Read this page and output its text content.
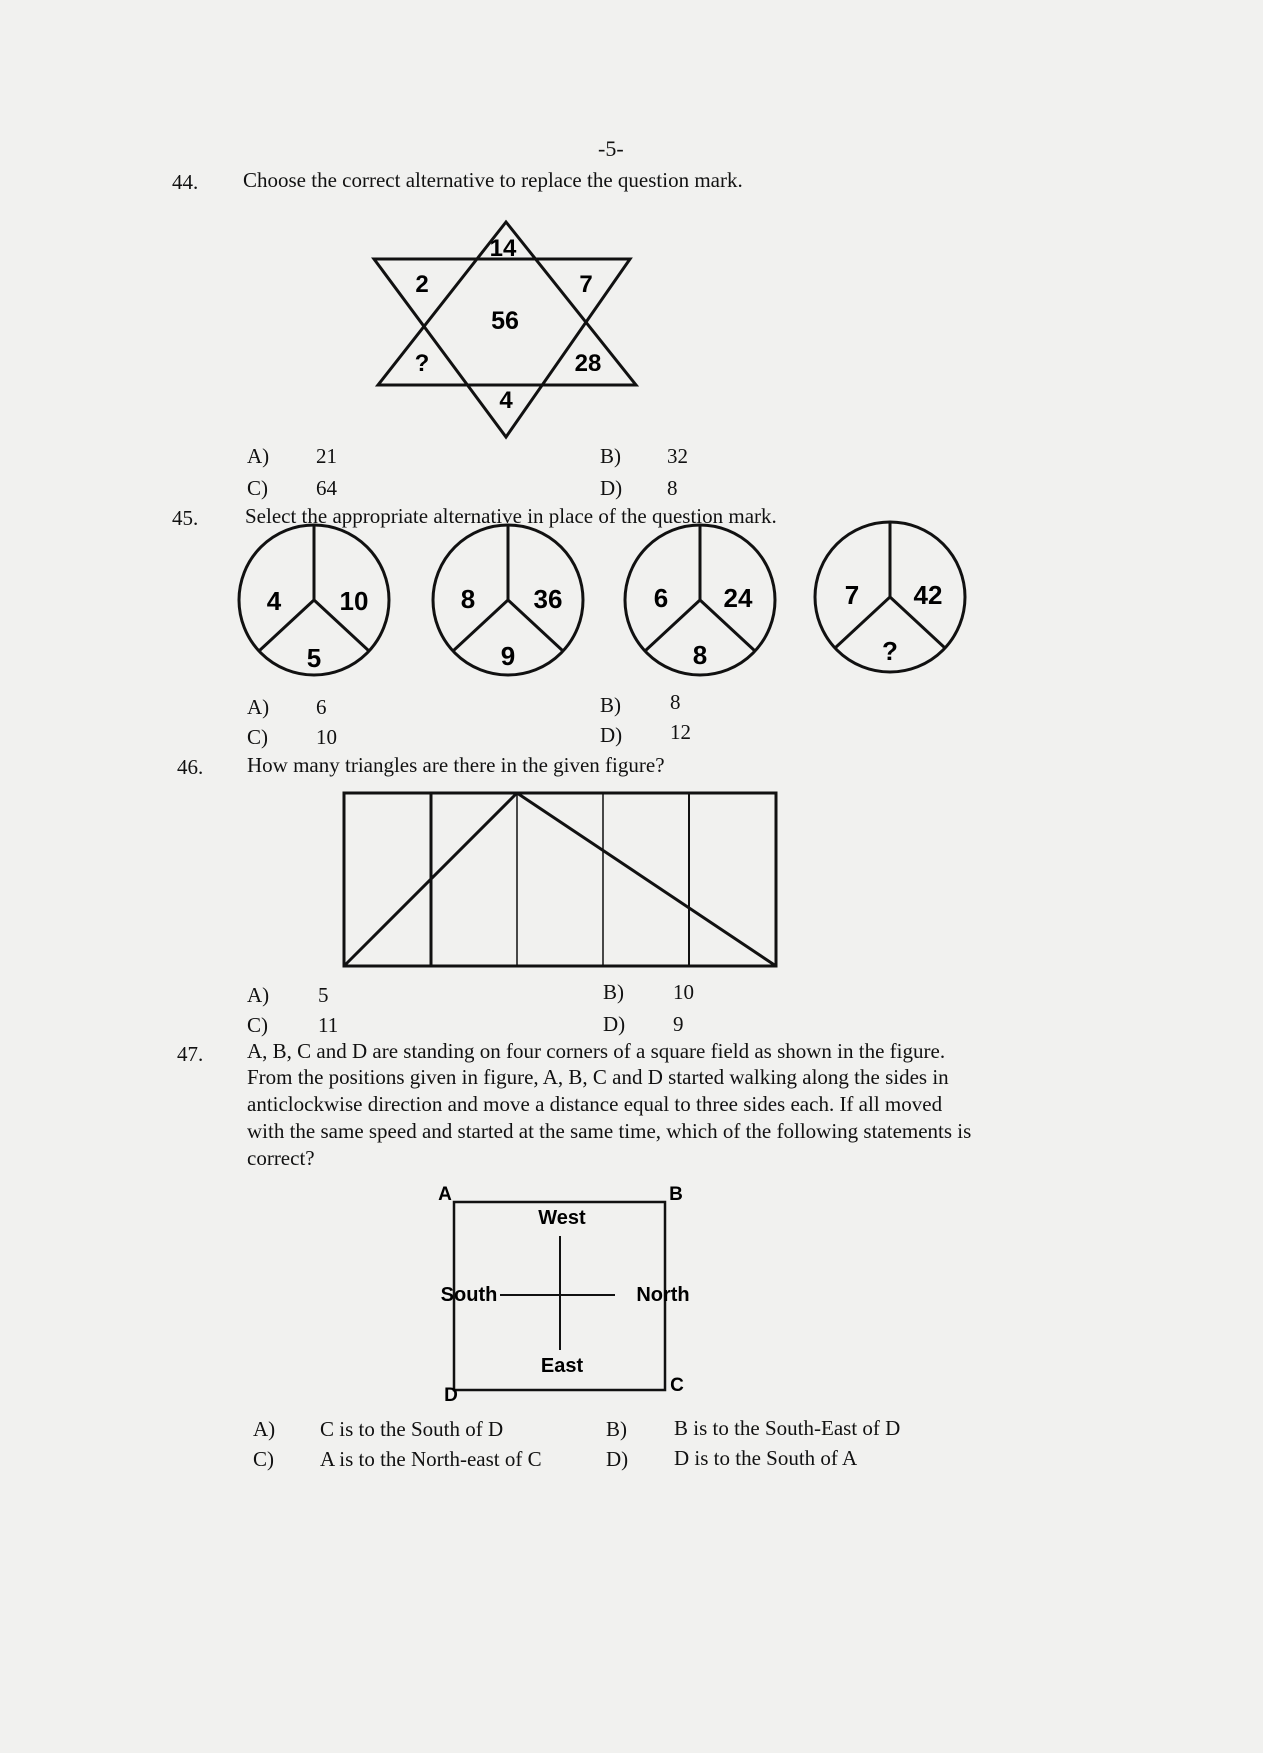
-5-
44. Choose the correct alternative to replace the question mark.
14
2	7
56
?	28
4
A) 21	B) 32
C) 64	D) 8
45. Select the appropriate alternative in place of the question mark.
4 10
5
8 36
9
6 24
8
7 42
?
A) 6	B) 8
C) 10	D) 12
46. How many triangles are there in the given figure?
A) 5	B) 10
C) 11	D) 9
47. A, B, C and D are standing on four corners of a square field as shown in the figure.
From the positions given in figure, A, B, C and D started walking along the sides in
anticlockwise direction and move a distance equal to three sides each. If all moved
with the same speed and started at the same time, which of the following statements is
correct?
A	B
C
D
West
South	North
East
A) C is to the South of D	B) B is to the South-East of D
C) A is to the North-east of C	D) D is to the South of A
